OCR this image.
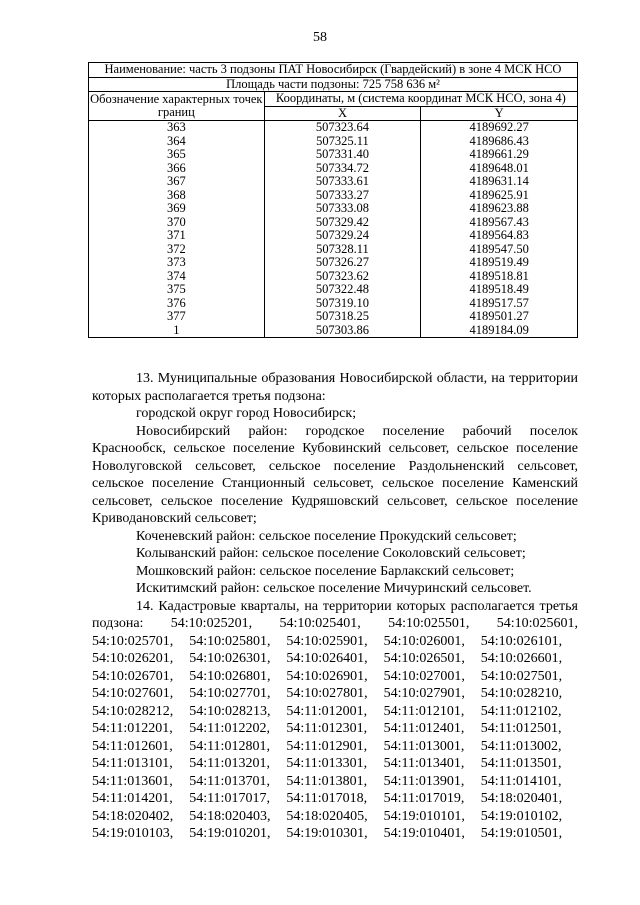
58
Наименование: часть 3 подзоны ПАТ Новосибирск (Гвардейский) в зоне 4 МСК НСО		
Площадь части подзоны: 725 758 636 м²		
Обозначение характерных точек границ	Координаты, м (система координат МСК НСО, зона 4)	
	X	Y
363	507323.64	4189692.27
364	507325.11	4189686.43
365	507331.40	4189661.29
366	507334.72	4189648.01
367	507333.61	4189631.14
368	507333.27	4189625.91
369	507333.08	4189623.88
370	507329.42	4189567.43
371	507329.24	4189564.83
372	507328.11	4189547.50
373	507326.27	4189519.49
374	507323.62	4189518.81
375	507322.48	4189518.49
376	507319.10	4189517.57
377	507318.25	4189501.27
1	507303.86	4189184.09

13. Муниципальные образования Новосибирской области, на территории которых располагается третья подзона:

городской округ город Новосибирск;

Новосибирский район: городское поселение рабочий поселок Краснообск, сельское поселение Кубовинский сельсовет, сельское поселение Новолуговской сельсовет, сельское поселение Раздольненский сельсовет, сельское поселение Станционный сельсовет, сельское поселение Каменский сельсовет, сельское поселение Кудряшовский сельсовет, сельское поселение Криводановский сельсовет;

Коченевский район: сельское поселение Прокудский сельсовет;

Колыванский район: сельское поселение Соколовский сельсовет;

Мошковский район: сельское поселение Барлакский сельсовет;

Искитимский район: сельское поселение Мичуринский сельсовет.

14. Кадастровые кварталы, на территории которых располагается третья подзона: 54:10:025201, 54:10:025401, 54:10:025501, 54:10:025601,

54:10:025701,	54:10:025801,	54:10:025901,	54:10:026001,	54:10:026101,
54:10:026201,	54:10:026301,	54:10:026401,	54:10:026501,	54:10:026601,
54:10:026701,	54:10:026801,	54:10:026901,	54:10:027001,	54:10:027501,
54:10:027601,	54:10:027701,	54:10:027801,	54:10:027901,	54:10:028210,
54:10:028212,	54:10:028213,	54:11:012001,	54:11:012101,	54:11:012102,
54:11:012201,	54:11:012202,	54:11:012301,	54:11:012401,	54:11:012501,
54:11:012601,	54:11:012801,	54:11:012901,	54:11:013001,	54:11:013002,
54:11:013101,	54:11:013201,	54:11:013301,	54:11:013401,	54:11:013501,
54:11:013601,	54:11:013701,	54:11:013801,	54:11:013901,	54:11:014101,
54:11:014201,	54:11:017017,	54:11:017018,	54:11:017019,	54:18:020401,
54:18:020402,	54:18:020403,	54:18:020405,	54:19:010101,	54:19:010102,
54:19:010103,	54:19:010201,	54:19:010301,	54:19:010401,	54:19:010501,
